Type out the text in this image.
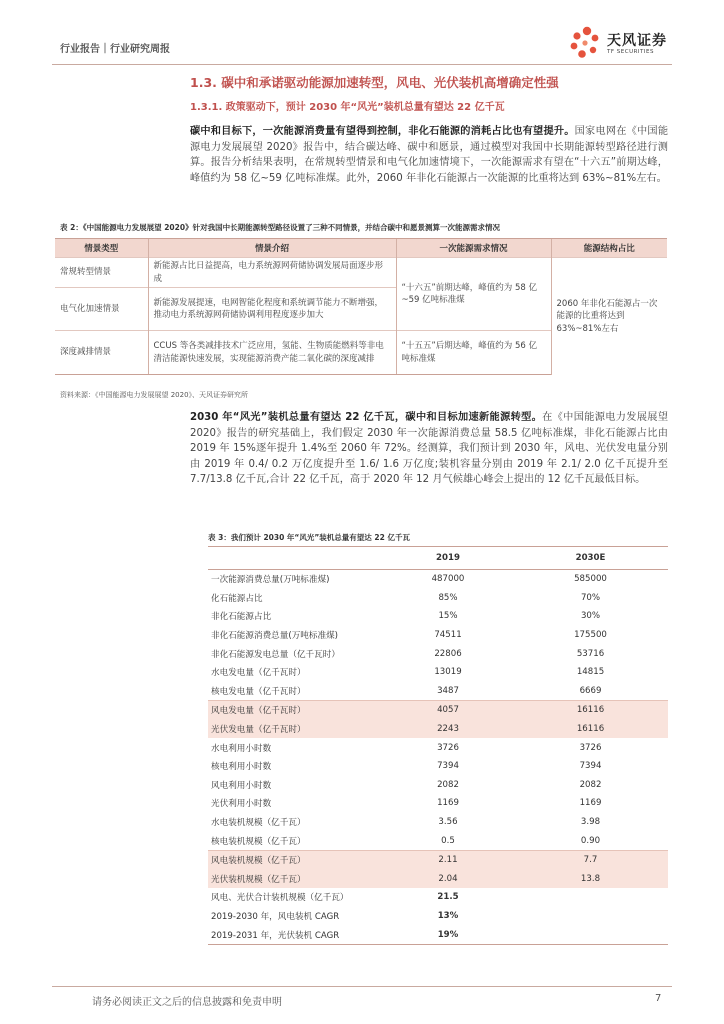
行业报告｜行业研究周报
天风证券
TF SECURITIES
1.3. 碳中和承诺驱动能源加速转型，风电、光伏装机高增确定性强
1.3.1. 政策驱动下，预计 2030 年“风光”装机总量有望达 22 亿千瓦
碳中和目标下，一次能源消费量有望得到控制，非化石能源的消耗占比也有望提升。国家电网在《中国能源电力发展展望 2020》报告中，结合碳达峰、碳中和愿景，通过模型对我国中长期能源转型路径进行测算。报告分析结果表明，在常规转型情景和电气化加速情境下，一次能源需求有望在“十六五”前期达峰，峰值约为 58 亿~59 亿吨标准煤。此外，2060 年非化石能源占一次能源的比重将达到 63%~81%左右。
表 2：《中国能源电力发展展望 2020》针对我国中长期能源转型路径设置了三种不同情景，并结合碳中和愿景测算一次能源需求情况
情景类型	情景介绍	一次能源需求情况	能源结构占比
常规转型情景	新能源占比日益提高，电力系统源网荷储协调发展局面逐步形成	“十六五”前期达峰，峰值约为 58 亿~59 亿吨标准煤	2060 年非化石能源占一次能源的比重将达到 63%~81%左右
电气化加速情景	新能源发展提速，电网智能化程度和系统调节能力不断增强，推动电力系统源网荷储协调利用程度逐步加大		
深度减排情景	CCUS 等各类减排技术广泛应用，氢能、生物质能燃料等非电清洁能源快速发展，实现能源消费产能二氧化碳的深度减排	“十五五”后期达峰，峰值约为 56 亿吨标准煤	
资料来源：《中国能源电力发展展望 2020》、天风证券研究所
2030 年“风光”装机总量有望达 22 亿千瓦，碳中和目标加速新能源转型。在《中国能源电力发展展望 2020》报告的研究基础上，我们假定 2030 年一次能源消费总量 58.5 亿吨标准煤，非化石能源占比由 2019 年 15%逐年提升 1.4%至 2060 年 72%。经测算，我们预计到 2030 年，风电、光伏发电量分别由 2019 年 0.4/ 0.2 万亿度提升至 1.6/ 1.6 万亿度;装机容量分别由 2019 年 2.1/ 2.0 亿千瓦提升至 7.7/13.8 亿千瓦,合计 22 亿千瓦，高于 2020 年 12 月气候雄心峰会上提出的 12 亿千瓦最低目标。
表 3：我们预计 2030 年“风光”装机总量有望达 22 亿千瓦
	2019	2030E
一次能源消费总量(万吨标准煤)	487000	585000
化石能源占比	85%	70%
非化石能源占比	15%	30%
非化石能源消费总量(万吨标准煤)	74511	175500
非化石能源发电总量（亿千瓦时）	22806	53716
水电发电量（亿千瓦时）	13019	14815
核电发电量（亿千瓦时）	3487	6669
风电发电量（亿千瓦时）	4057	16116
光伏发电量（亿千瓦时）	2243	16116
水电利用小时数	3726	3726
核电利用小时数	7394	7394
风电利用小时数	2082	2082
光伏利用小时数	1169	1169
水电装机规模（亿千瓦）	3.56	3.98
核电装机规模（亿千瓦）	0.5	0.90
风电装机规模（亿千瓦）	2.11	7.7
光伏装机规模（亿千瓦）	2.04	13.8
风电、光伏合计装机规模（亿千瓦）	21.5	
2019-2030 年，风电装机 CAGR	13%	
2019-2031 年，光伏装机 CAGR	19%	
请务必阅读正文之后的信息披露和免责申明	7
